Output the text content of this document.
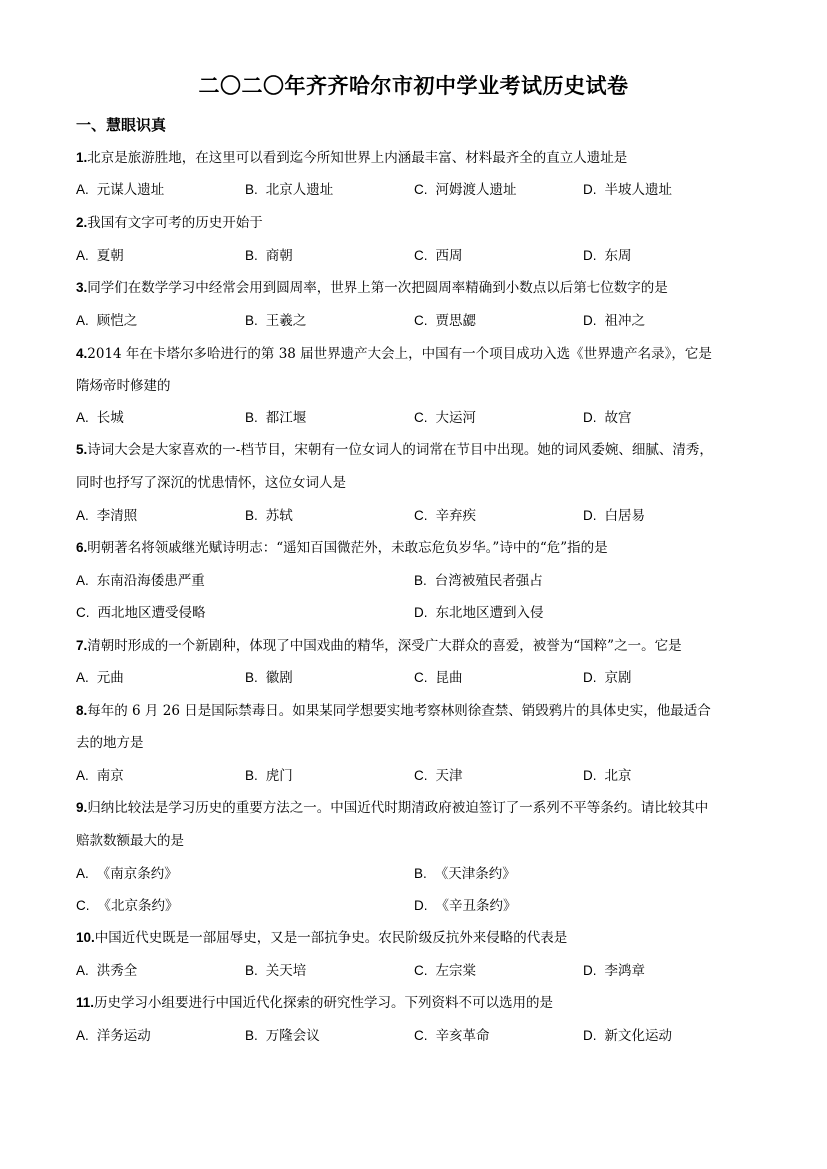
二〇二〇年齐齐哈尔市初中学业考试历史试卷
一、慧眼识真
1.北京是旅游胜地，在这里可以看到迄今所知世界上内涵最丰富、材料最齐全的直立人遗址是
A. 元谋人遗址	B. 北京人遗址	C. 河姆渡人遗址	D. 半坡人遗址
2.我国有文字可考的历史开始于
A. 夏朝	B. 商朝	C. 西周	D. 东周
3.同学们在数学学习中经常会用到圆周率，世界上第一次把圆周率精确到小数点以后第七位数字的是
A. 顾恺之	B. 王羲之	C. 贾思勰	D. 祖冲之
4.2014 年在卡塔尔多哈进行的第 38 届世界遗产大会上，中国有一个项目成功入选《世界遗产名录》，它是
隋炀帝时修建的
A. 长城	B. 都江堰	C. 大运河	D. 故宫
5.诗词大会是大家喜欢的一-档节目，宋朝有一位女词人的词常在节目中出现。她的词风委婉、细腻、清秀，
同时也抒写了深沉的忧患情怀，这位女词人是
A. 李清照	B. 苏轼	C. 辛弃疾	D. 白居易
6.明朝著名将领戚继光赋诗明志：“遥知百国微茫外，未敢忘危负岁华。”诗中的“危”指的是
A. 东南沿海倭患严重	B. 台湾被殖民者强占
C. 西北地区遭受侵略	D. 东北地区遭到入侵
7.清朝时形成的一个新剧种，体现了中国戏曲的精华，深受广大群众的喜爱，被誉为“国粹”之一。它是
A. 元曲	B. 徽剧	C. 昆曲	D. 京剧
8.每年的 6 月 26 日是国际禁毒日。如果某同学想要实地考察林则徐查禁、销毁鸦片的具体史实，他最适合
去的地方是
A. 南京	B. 虎门	C. 天津	D. 北京
9.归纳比较法是学习历史的重要方法之一。中国近代时期清政府被迫签订了一系列不平等条约。请比较其中
赔款数额最大的是
A. 《南京条约》	B. 《天津条约》
C. 《北京条约》	D. 《辛丑条约》
10.中国近代史既是一部屈辱史，又是一部抗争史。农民阶级反抗外来侵略的代表是
A. 洪秀全	B. 关天培	C. 左宗棠	D. 李鸿章
11.历史学习小组要进行中国近代化探索的研究性学习。下列资料不可以选用的是
A. 洋务运动	B. 万隆会议	C. 辛亥革命	D. 新文化运动
